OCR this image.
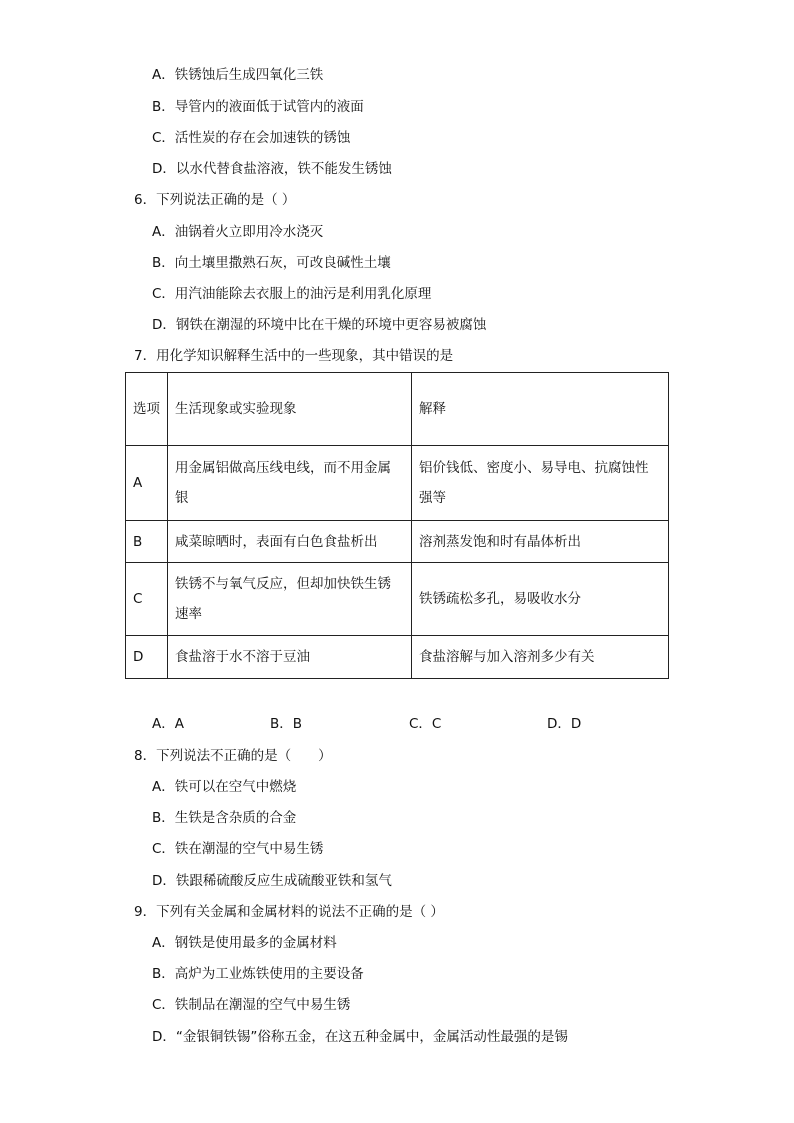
A．铁锈蚀后生成四氧化三铁
B．导管内的液面低于试管内的液面
C．活性炭的存在会加速铁的锈蚀
D．以水代替食盐溶液，铁不能发生锈蚀
6．下列说法正确的是（ ）
A．油锅着火立即用冷水浇灭
B．向土壤里撒熟石灰，可改良碱性土壤
C．用汽油能除去衣服上的油污是利用乳化原理
D．钢铁在潮湿的环境中比在干燥的环境中更容易被腐蚀
7．用化学知识解释生活中的一些现象，其中错误的是
选项	生活现象或实验现象	解释
A	用金属铝做高压线电线，而不用金属银	铝价钱低、密度小、易导电、抗腐蚀性强等
B	咸菜晾晒时，表面有白色食盐析出	溶剂蒸发饱和时有晶体析出
C	铁锈不与氧气反应，但却加快铁生锈速率	铁锈疏松多孔，易吸收水分
D	食盐溶于水不溶于豆油	食盐溶解与加入溶剂多少有关
A．A	B．B	C．C	D．D
8．下列说法不正确的是（　　）
A．铁可以在空气中燃烧
B．生铁是含杂质的合金
C．铁在潮湿的空气中易生锈
D．铁跟稀硫酸反应生成硫酸亚铁和氢气
9．下列有关金属和金属材料的说法不正确的是（ ）
A．钢铁是使用最多的金属材料
B．高炉为工业炼铁使用的主要设备
C．铁制品在潮湿的空气中易生锈
D．“金银铜铁锡”俗称五金，在这五种金属中，金属活动性最强的是锡
